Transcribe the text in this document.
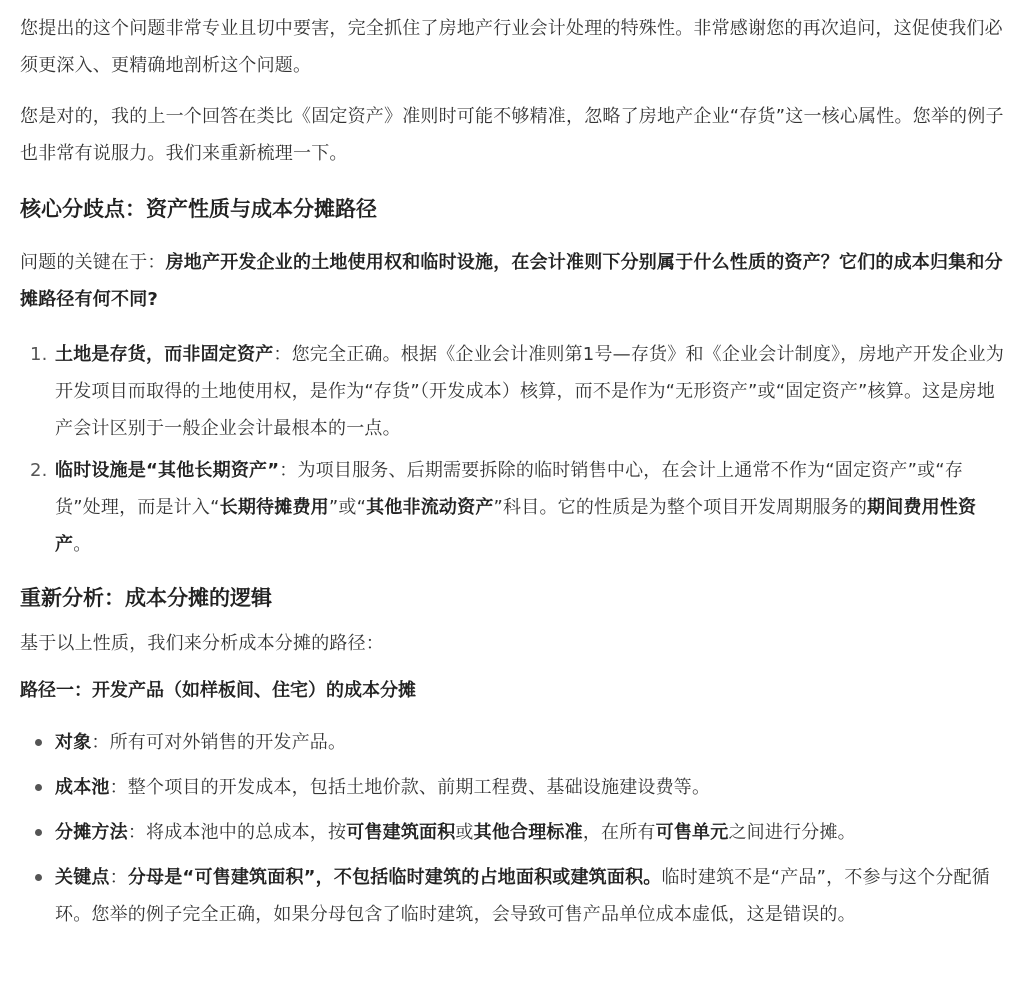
您提出的这个问题非常专业且切中要害，完全抓住了房地产行业会计处理的特殊性。非常感谢您的再次追问，这促使我们必须更深入、更精确地剖析这个问题。

您是对的，我的上一个回答在类比《固定资产》准则时可能不够精准，忽略了房地产企业“存货”这一核心属性。您举的例子也非常有说服力。我们来重新梳理一下。

核心分歧点：资产性质与成本分摊路径

问题的关键在于：房地产开发企业的土地使用权和临时设施，在会计准则下分别属于什么性质的资产？它们的成本归集和分摊路径有何不同?

1. 土地是存货，而非固定资产：您完全正确。根据《企业会计准则第1号—存货》和《企业会计制度》，房地产开发企业为开发项目而取得的土地使用权，是作为“存货”（开发成本）核算，而不是作为“无形资产”或“固定资产”核算。这是房地产会计区别于一般企业会计最根本的一点。
2. 临时设施是“其他长期资产”：为项目服务、后期需要拆除的临时销售中心，在会计上通常不作为“固定资产”或“存货”处理，而是计入“长期待摊费用”或“其他非流动资产”科目。它的性质是为整个项目开发周期服务的期间费用性资产。
重新分析：成本分摊的逻辑

基于以上性质，我们来分析成本分摊的路径：

路径一：开发产品（如样板间、住宅）的成本分摊
对象：所有可对外销售的开发产品。
成本池：整个项目的开发成本，包括土地价款、前期工程费、基础设施建设费等。
分摊方法：将成本池中的总成本，按可售建筑面积或其他合理标准，在所有可售单元之间进行分摊。
关键点：分母是“可售建筑面积”，不包括临时建筑的占地面积或建筑面积。临时建筑不是“产品”，不参与这个分配循环。您举的例子完全正确，如果分母包含了临时建筑，会导致可售产品单位成本虚低，这是错误的。
